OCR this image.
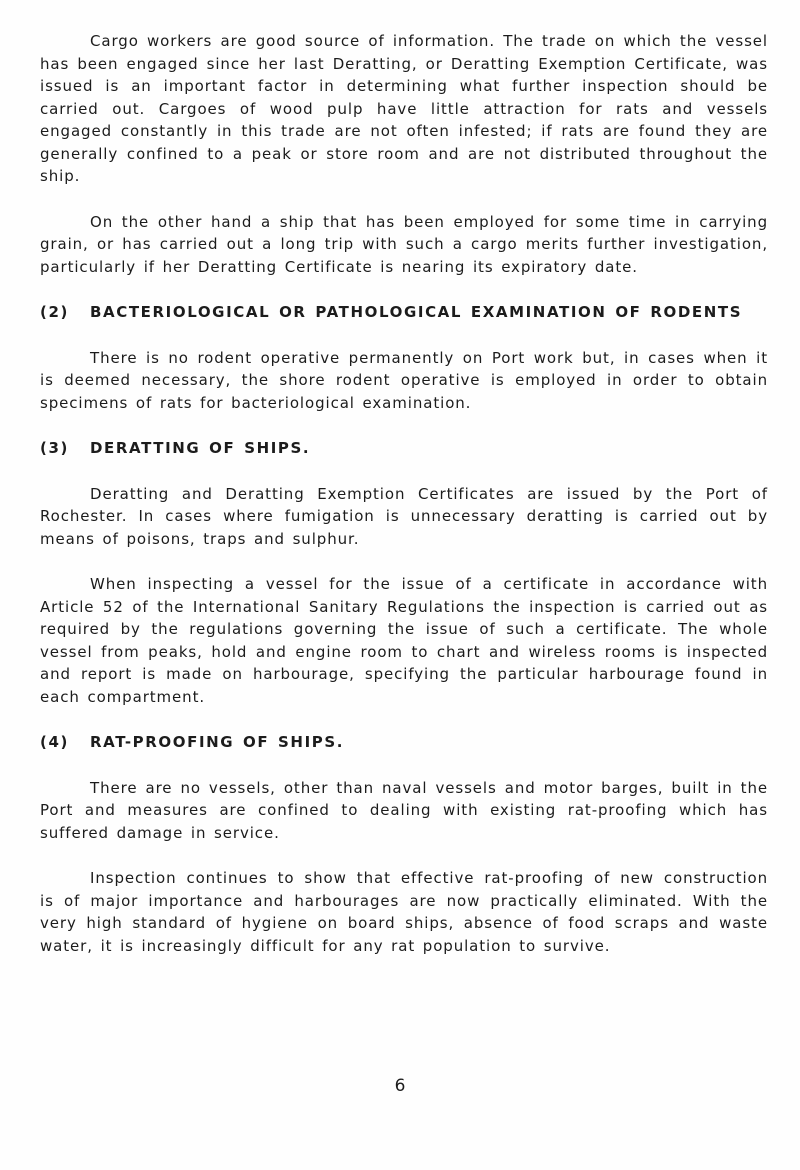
Cargo workers are good source of information. The trade on which the vessel has been engaged since her last Deratting, or Deratting Exemption Certificate, was issued is an important factor in determining what further inspection should be carried out. Cargoes of wood pulp have little attraction for rats and vessels engaged constantly in this trade are not often infested; if rats are found they are generally confined to a peak or store room and are not distributed throughout the ship.

On the other hand a ship that has been employed for some time in carrying grain, or has carried out a long trip with such a cargo merits further investigation, particularly if her Deratting Certificate is nearing its expiratory date.

(2)	BACTERIOLOGICAL OR PATHOLOGICAL EXAMINATION OF RODENTS

There is no rodent operative permanently on Port work but, in cases when it is deemed necessary, the shore rodent operative is employed in order to obtain specimens of rats for bacteriological examination.

(3)	DERATTING OF SHIPS.

Deratting and Deratting Exemption Certificates are issued by the Port of Rochester. In cases where fumigation is unnecessary deratting is carried out by means of poisons, traps and sulphur.

When inspecting a vessel for the issue of a certificate in accordance with Article 52 of the International Sanitary Regulations the inspection is carried out as required by the regulations governing the issue of such a certificate. The whole vessel from peaks, hold and engine room to chart and wireless rooms is inspected and report is made on harbourage, specifying the particular harbourage found in each compartment.

(4)	RAT-PROOFING OF SHIPS.

There are no vessels, other than naval vessels and motor barges, built in the Port and measures are confined to dealing with existing rat-proofing which has suffered damage in service.

Inspection continues to show that effective rat-proofing of new construction is of major importance and harbourages are now practically eliminated. With the very high standard of hygiene on board ships, absence of food scraps and waste water, it is increasingly difficult for any rat population to survive.

6
